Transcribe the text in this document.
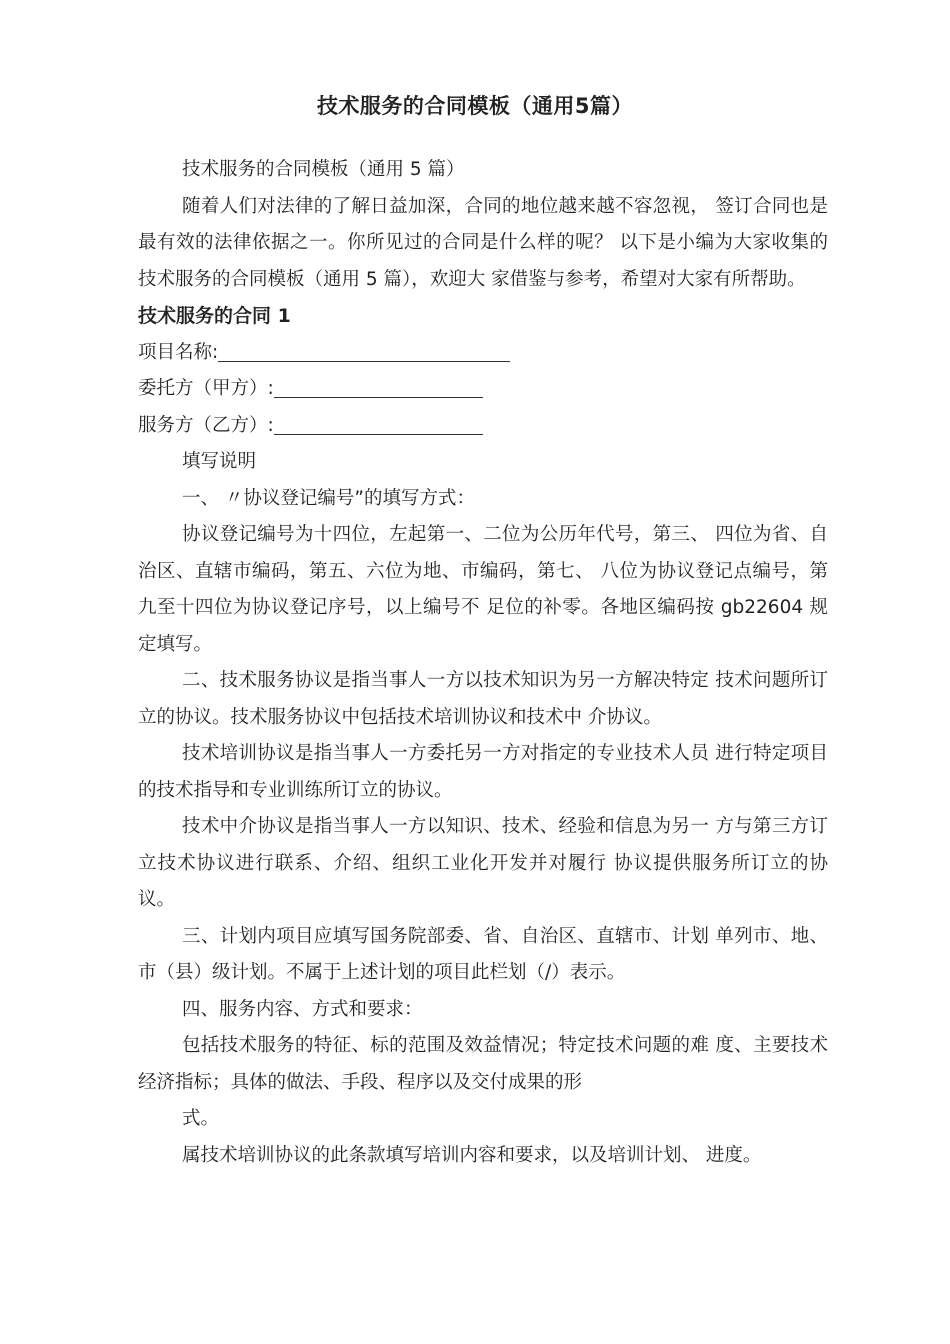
技术服务的合同模板（通用5篇）

技术服务的合同模板（通用 5 篇）

随着人们对法律的了解日益加深，合同的地位越来越不容忽视， 签订合同也是最有效的法律依据之一。你所见过的合同是什么样的呢？ 以下是小编为大家收集的技术服务的合同模板（通用 5 篇），欢迎大 家借鉴与参考，希望对大家有所帮助。

技术服务的合同 1

项目名称:

委托方（甲方）:

服务方（乙方）:

填写说明

一、 〃协议登记编号”的填写方式：

协议登记编号为十四位，左起第一、二位为公历年代号，第三、 四位为省、自治区、直辖市编码，第五、六位为地、市编码，第七、 八位为协议登记点编号，第九至十四位为协议登记序号，以上编号不 足位的补零。各地区编码按 gb22604 规定填写。

二、技术服务协议是指当事人一方以技术知识为另一方解决特定 技术问题所订立的协议。技术服务协议中包括技术培训协议和技术中 介协议。

技术培训协议是指当事人一方委托另一方对指定的专业技术人员 进行特定项目的技术指导和专业训练所订立的协议。

技术中介协议是指当事人一方以知识、技术、经验和信息为另一 方与第三方订立技术协议进行联系、介绍、组织工业化开发并对履行 协议提供服务所订立的协议。

三、计划内项目应填写国务院部委、省、自治区、直辖市、计划 单列市、地、市（县）级计划。不属于上述计划的项目此栏划（/）表示。

四、服务内容、方式和要求：

包括技术服务的特征、标的范围及效益情况；特定技术问题的难 度、主要技术经济指标；具体的做法、手段、程序以及交付成果的形
式。

属技术培训协议的此条款填写培训内容和要求，以及培训计划、 进度。
